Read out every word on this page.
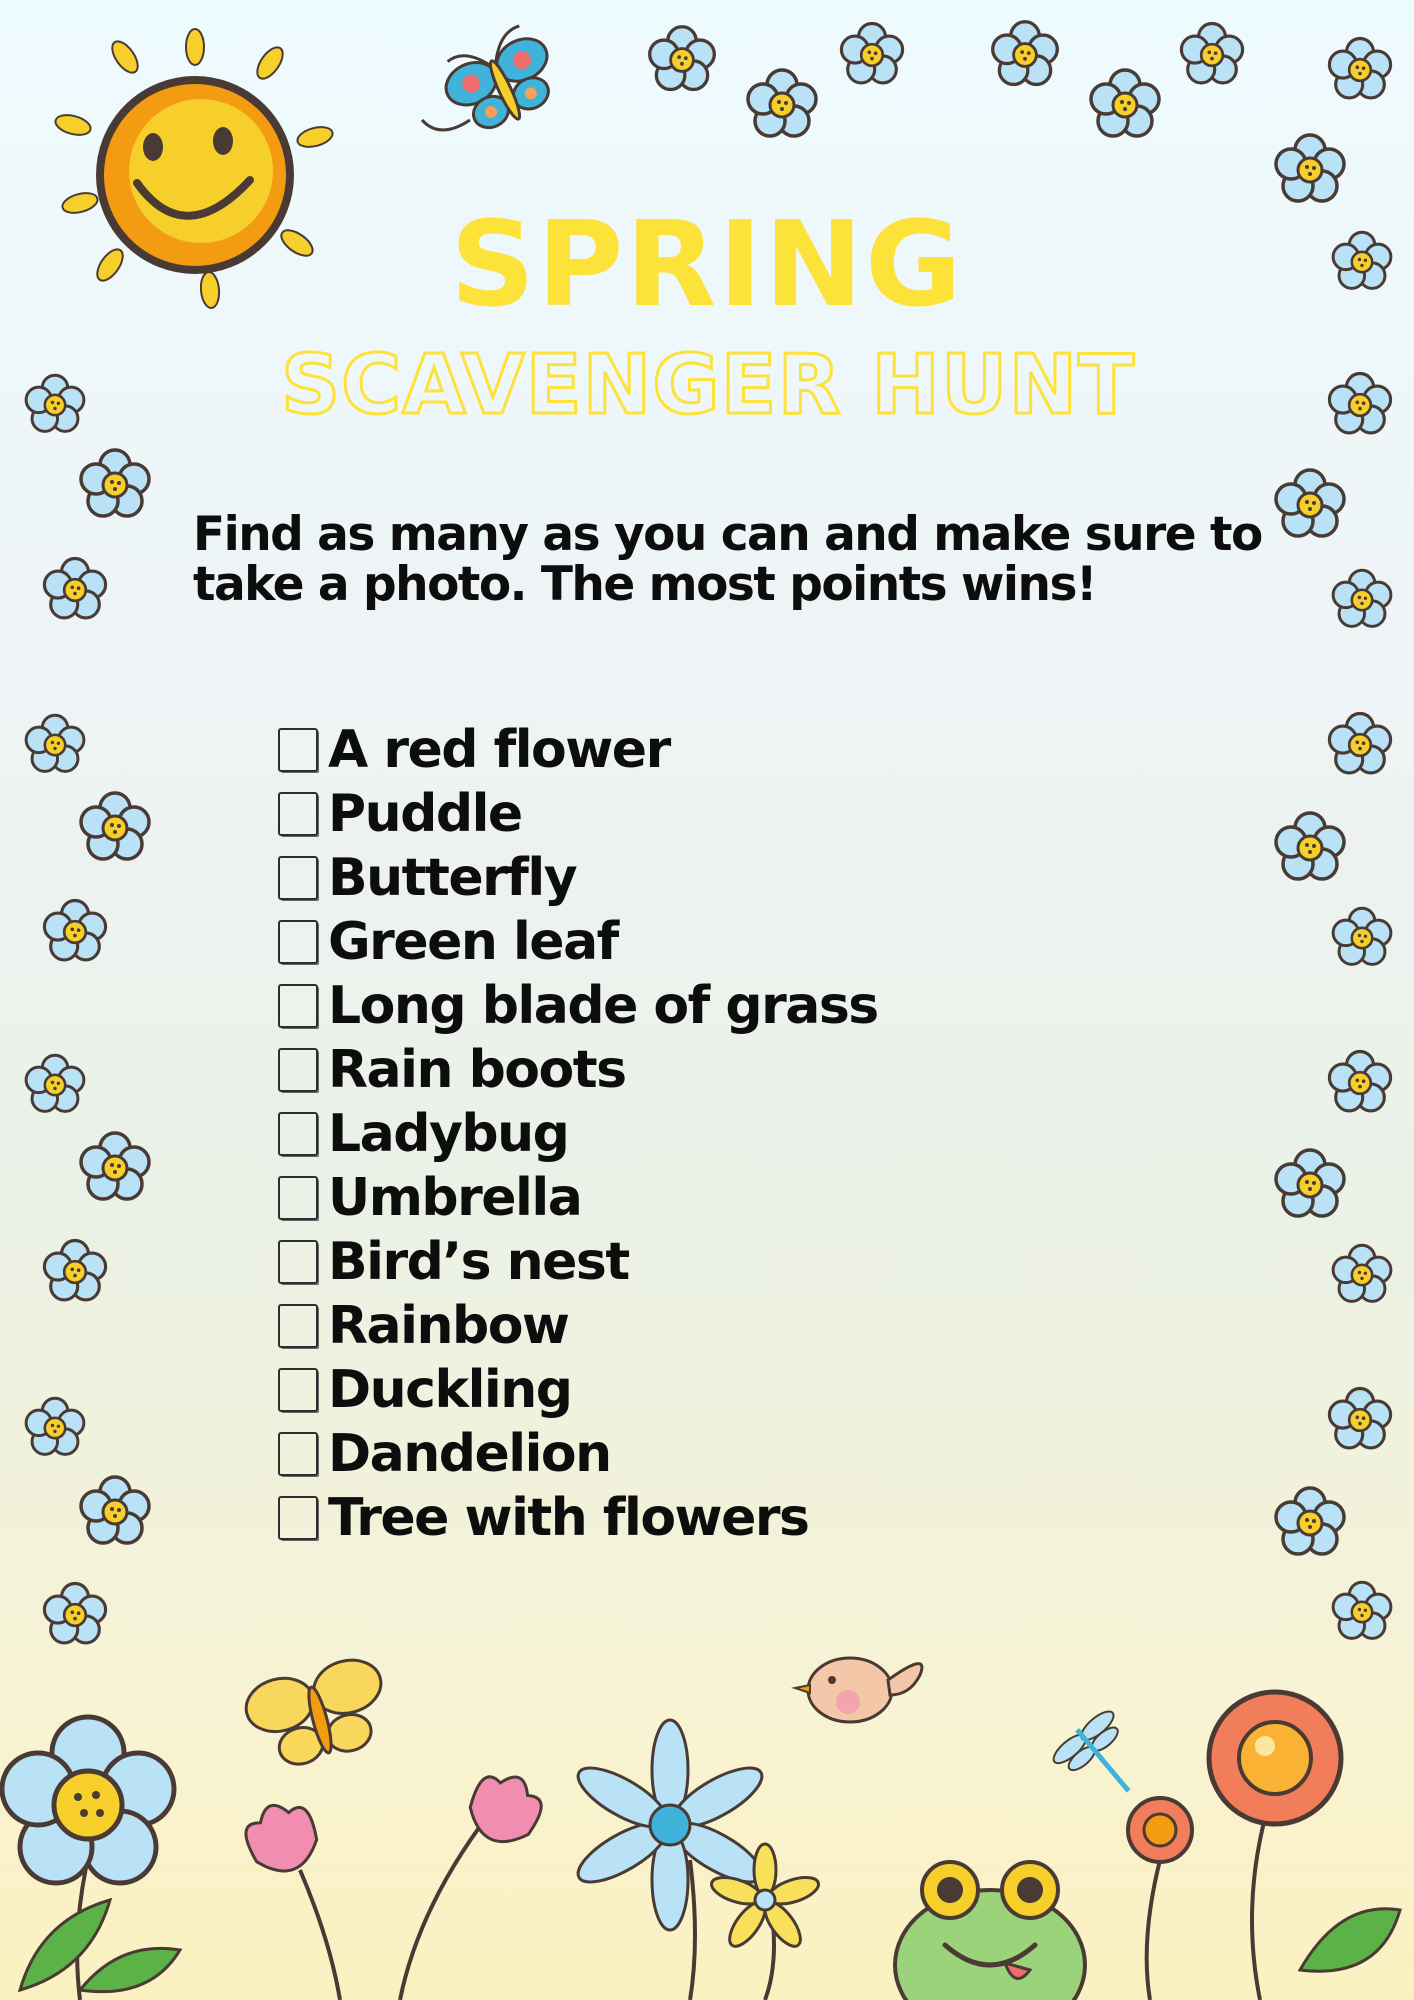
SPRING
SCAVENGER HUNT

Find as many as you can and make sure to take a photo. The most points wins!

A red flower
Puddle
Butterfly
Green leaf
Long blade of grass
Rain boots
Ladybug
Umbrella
Bird’s nest
Rainbow
Duckling
Dandelion
Tree with flowers
